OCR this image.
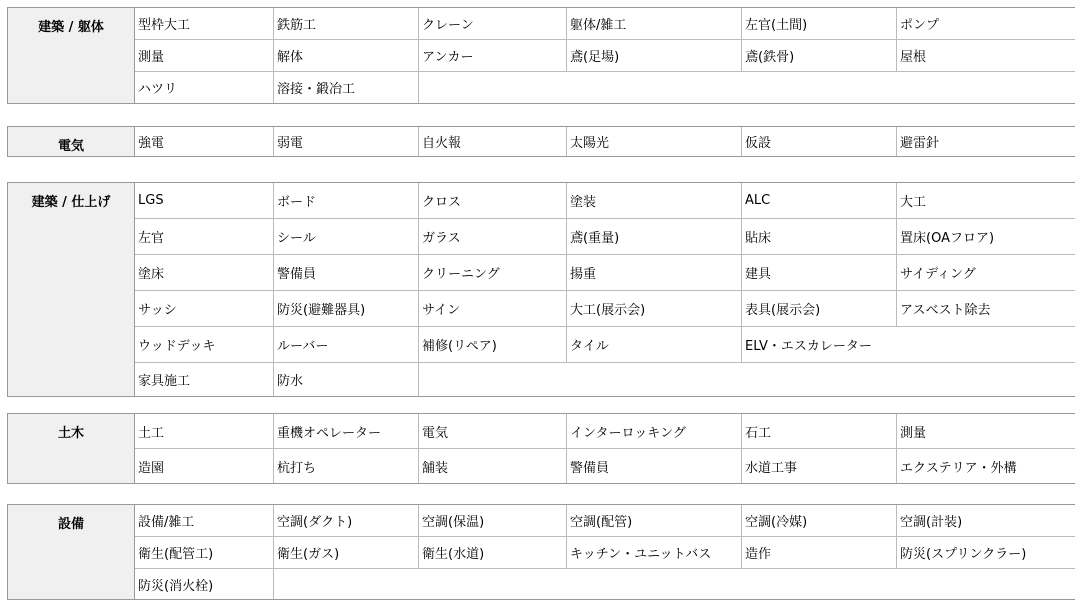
建築 / 躯体	型枠大工	鉄筋工	クレーン	躯体/雑工	左官(土間)	ポンプ
測量	解体	アンカー	鳶(足場)	鳶(鉄骨)	屋根
ハツリ	溶接・鍛冶工
電気	強電	弱電	自火報	太陽光	仮設	避雷針
建築 / 仕上げ	LGS	ボード	クロス	塗装	ALC	大工
左官	シール	ガラス	鳶(重量)	貼床	置床(OAフロア)
塗床	警備員	クリーニング	揚重	建具	サイディング
サッシ	防災(避難器具)	サイン	大工(展示会)	表具(展示会)	アスベスト除去
ウッドデッキ	ルーバー	補修(リペア)	タイル	ELV・エスカレーター
家具施工	防水
土木	土工	重機オペレーター	電気	インターロッキング	石工	測量
造園	杭打ち	舗装	警備員	水道工事	エクステリア・外構
設備	設備/雑工	空調(ダクト)	空調(保温)	空調(配管)	空調(冷媒)	空調(計装)
衛生(配管工)	衛生(ガス)	衛生(水道)	キッチン・ユニットバス	造作	防災(スプリンクラー)
防災(消火栓)
